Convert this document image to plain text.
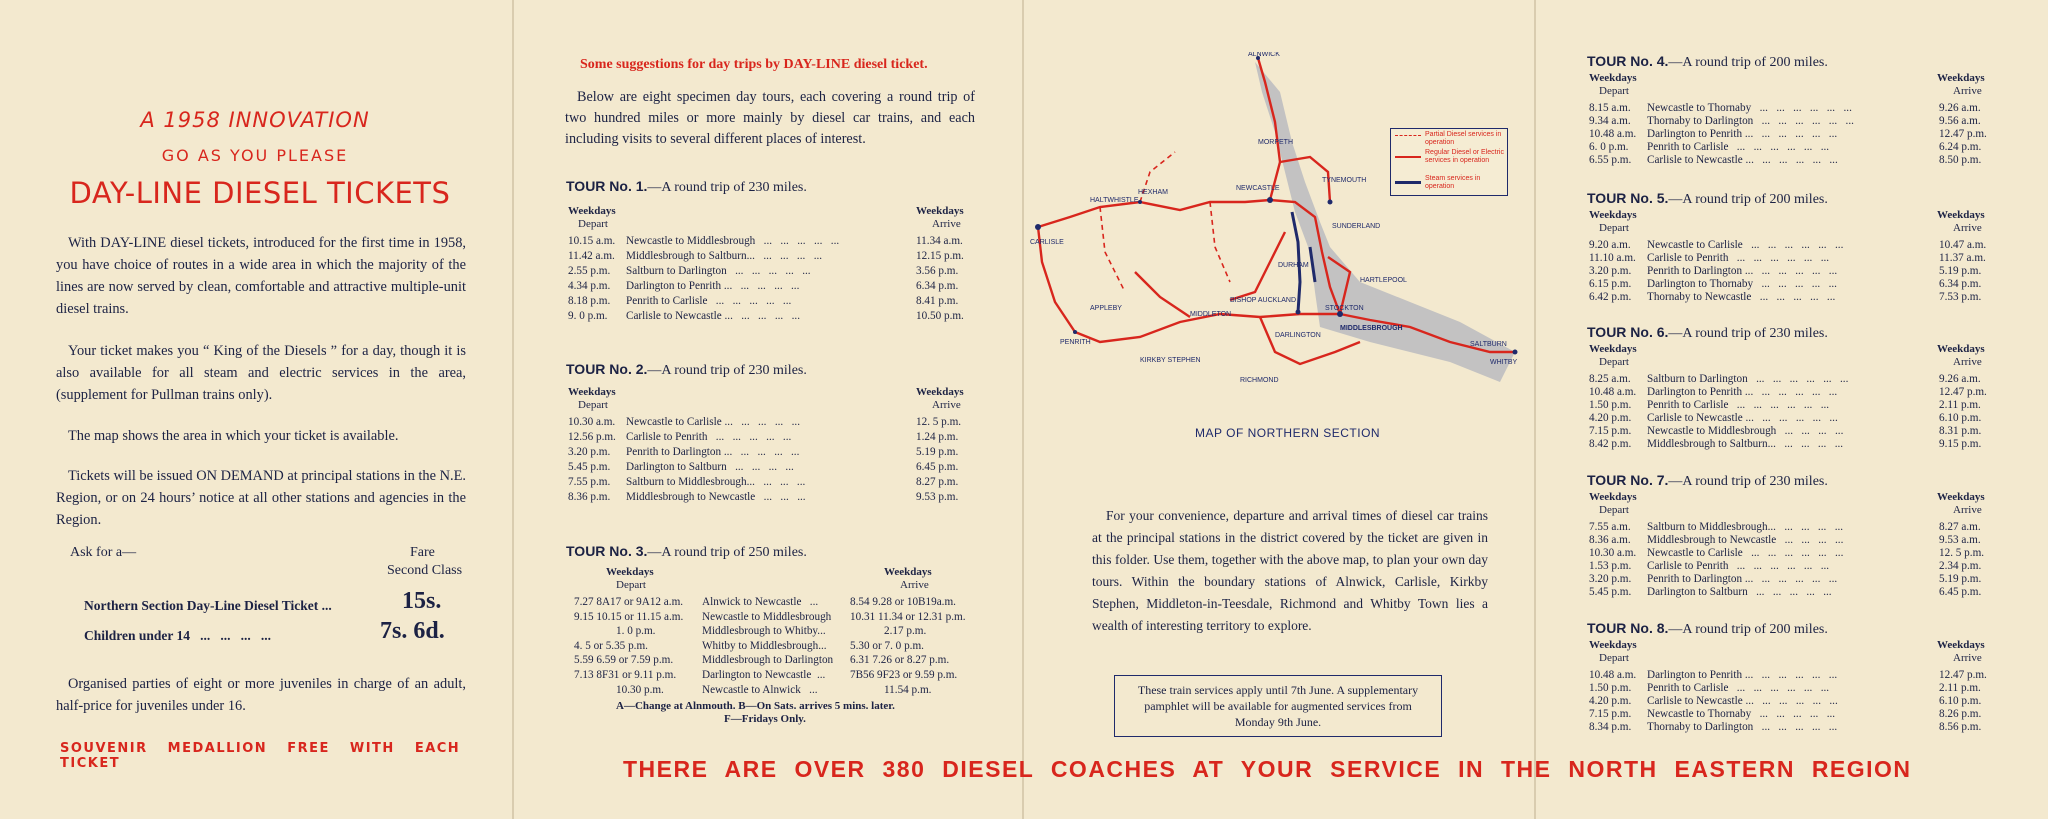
A 1958 INNOVATION
GO AS YOU PLEASE
DAY-LINE DIESEL TICKETS

With DAY-LINE diesel tickets, introduced for the first time in 1958, you have choice of routes in a wide area in which the majority of the lines are now served by clean, comfortable and attractive multiple-unit diesel trains.

Your ticket makes you “ King of the Diesels ” for a day, though it is also available for all steam and electric services in the area, (supplement for Pullman trains only).

The map shows the area in which your ticket is available.

Tickets will be issued ON DEMAND at principal stations in the N.E. Region, or on 24 hours’ notice at all other stations and agencies in the Region.

Ask for a—	Fare
Second Class
Northern Section Day-Line Diesel Ticket ...	15s.
Children under 14   ...   ...   ...   ...	7s. 6d.

Organised parties of eight or more juveniles in charge of an adult, half-price for juveniles under 16.

SOUVENIR MEDALLION FREE WITH EACH TICKET
Some suggestions for day trips by DAY-LINE diesel ticket.

Below are eight specimen day tours, each covering a round trip of two hundred miles or more mainly by diesel car trains, and each including visits to several different places of interest.

ALNWICK
MORPETH
NEWCASTLE
SUNDERLAND
DURHAM
HEXHAM
CARLISLE
PENRITH
DARLINGTON
STOCKTON
MIDDLESBROUGH
SALTBURN
WHITBY
KIRKBY STEPHEN
RICHMOND
MIDDLETON
BISHOP AUCKLAND
HARTLEPOOL
TYNEMOUTH
HALTWHISTLE
APPLEBY
Partial Diesel services in operation
Regular Diesel or Electric services in operation
Steam services in operation
MAP OF NORTHERN SECTION

For your convenience, departure and arrival times of diesel car trains at the principal stations in the district covered by the ticket are given in this folder. Use them, together with the above map, to plan your own day tours. Within the boundary stations of Alnwick, Carlisle, Kirkby Stephen, Middleton-in-Teesdale, Richmond and Whitby Town lies a wealth of interesting territory to explore.

These train services apply until 7th June. A supplementary pamphlet will be available for augmented services from Monday 9th June.
THERE ARE OVER 380 DIESEL COACHES AT YOUR SERVICE IN THE NORTH EASTERN REGION
TOUR No. 1.—A round trip of 230 miles.
Weekdays
Depart
Weekdays
Arrive
10.15 a.m. Newcastle to Middlesbrough   ...   ...   ...   ...   ...	11.34 a.m.
11.42 a.m. Middlesbrough to Saltburn...   ...   ...   ...   ...	12.15 p.m.
2.55 p.m. Saltburn to Darlington   ...   ...   ...   ...   ...	3.56 p.m.
4.34 p.m. Darlington to Penrith ...   ...   ...   ...   ...	6.34 p.m.
8.18 p.m. Penrith to Carlisle   ...   ...   ...   ...   ...	8.41 p.m.
9. 0 p.m. Carlisle to Newcastle ...   ...   ...   ...   ...	10.50 p.m.
TOUR No. 2.—A round trip of 230 miles.
Weekdays
Depart
Weekdays
Arrive
10.30 a.m. Newcastle to Carlisle ...   ...   ...   ...   ...	12. 5 p.m.
12.56 p.m. Carlisle to Penrith   ...   ...   ...   ...   ...	1.24 p.m.
3.20 p.m. Penrith to Darlington ...   ...   ...   ...   ...	5.19 p.m.
5.45 p.m. Darlington to Saltburn   ...   ...   ...   ...	6.45 p.m.
7.55 p.m. Saltburn to Middlesbrough...   ...   ...   ...	8.27 p.m.
8.36 p.m. Middlesbrough to Newcastle   ...   ...   ...	9.53 p.m.
TOUR No. 3.—A round trip of 250 miles.
Weekdays
Depart
Weekdays
Arrive
7.27 8A17 or 9A12 a.m. Alnwick to Newcastle   ...	8.54 9.28 or 10B19a.m.
9.15 10.15 or 11.15 a.m. Newcastle to Middlesbrough 10.31 11.34 or 12.31 p.m.
1. 0 p.m.	Middlesbrough to Whitby...	2.17 p.m.
4. 5 or 5.35 p.m.	Whitby to Middlesbrough... 5.30 or 7. 0 p.m.
5.59 6.59 or 7.59 p.m.	Middlesbrough to Darlington 6.31 7.26 or 8.27 p.m.
7.13 8F31 or 9.11 p.m. Darlington to Newcastle  ... 7B56 9F23 or 9.59 p.m.
10.30 p.m.	Newcastle to Alnwick   ...	11.54 p.m.
A—Change at Alnmouth. B—On Sats. arrives 5 mins. later.
F—Fridays Only.
TOUR No. 4.—A round trip of 200 miles.
Weekdays
Depart
Weekdays
Arrive
8.15 a.m. Newcastle to Thornaby   ...   ...   ...   ...   ...   ...	9.26 a.m.
9.34 a.m. Thornaby to Darlington   ...   ...   ...   ...   ...   ...	9.56 a.m.
10.48 a.m. Darlington to Penrith ...   ...   ...   ...   ...   ...	12.47 p.m.
6. 0 p.m. Penrith to Carlisle   ...   ...   ...   ...   ...   ...	6.24 p.m.
6.55 p.m. Carlisle to Newcastle ...   ...   ...   ...   ...   ...	8.50 p.m.
TOUR No. 5.—A round trip of 200 miles.
Weekdays
Depart
Weekdays
Arrive
9.20 a.m. Newcastle to Carlisle   ...   ...   ...   ...   ...   ...	10.47 a.m.
11.10 a.m. Carlisle to Penrith   ...   ...   ...   ...   ...   ...	11.37 a.m.
3.20 p.m. Penrith to Darlington ...   ...   ...   ...   ...   ...	5.19 p.m.
6.15 p.m. Darlington to Thornaby   ...   ...   ...   ...   ...	6.34 p.m.
6.42 p.m. Thornaby to Newcastle   ...   ...   ...   ...   ...	7.53 p.m.
TOUR No. 6.—A round trip of 230 miles.
Weekdays
Depart
Weekdays
Arrive
8.25 a.m. Saltburn to Darlington   ...   ...   ...   ...   ...   ...	9.26 a.m.
10.48 a.m. Darlington to Penrith ...   ...   ...   ...   ...   ...	12.47 p.m.
1.50 p.m. Penrith to Carlisle   ...   ...   ...   ...   ...   ...	2.11 p.m.
4.20 p.m. Carlisle to Newcastle ...   ...   ...   ...   ...   ...	6.10 p.m.
7.15 p.m. Newcastle to Middlesbrough   ...   ...   ...   ...	8.31 p.m.
8.42 p.m. Middlesbrough to Saltburn...   ...   ...   ...   ...	9.15 p.m.
TOUR No. 7.—A round trip of 230 miles.
Weekdays
Depart
Weekdays
Arrive
7.55 a.m. Saltburn to Middlesbrough...   ...   ...   ...   ...	8.27 a.m.
8.36 a.m. Middlesbrough to Newcastle   ...   ...   ...   ...	9.53 a.m.
10.30 a.m. Newcastle to Carlisle   ...   ...   ...   ...   ...   ...	12. 5 p.m.
1.53 p.m. Carlisle to Penrith   ...   ...   ...   ...   ...   ...	2.34 p.m.
3.20 p.m. Penrith to Darlington ...   ...   ...   ...   ...   ...	5.19 p.m.
5.45 p.m. Darlington to Saltburn   ...   ...   ...   ...   ...	6.45 p.m.
TOUR No. 8.—A round trip of 200 miles.
Weekdays
Depart
Weekdays
Arrive
10.48 a.m. Darlington to Penrith ...   ...   ...   ...   ...   ...	12.47 p.m.
1.50 p.m. Penrith to Carlisle   ...   ...   ...   ...   ...   ...	2.11 p.m.
4.20 p.m. Carlisle to Newcastle ...   ...   ...   ...   ...   ...	6.10 p.m.
7.15 p.m. Newcastle to Thornaby   ...   ...   ...   ...   ...	8.26 p.m.
8.34 p.m. Thornaby to Darlington   ...   ...   ...   ...   ...	8.56 p.m.
